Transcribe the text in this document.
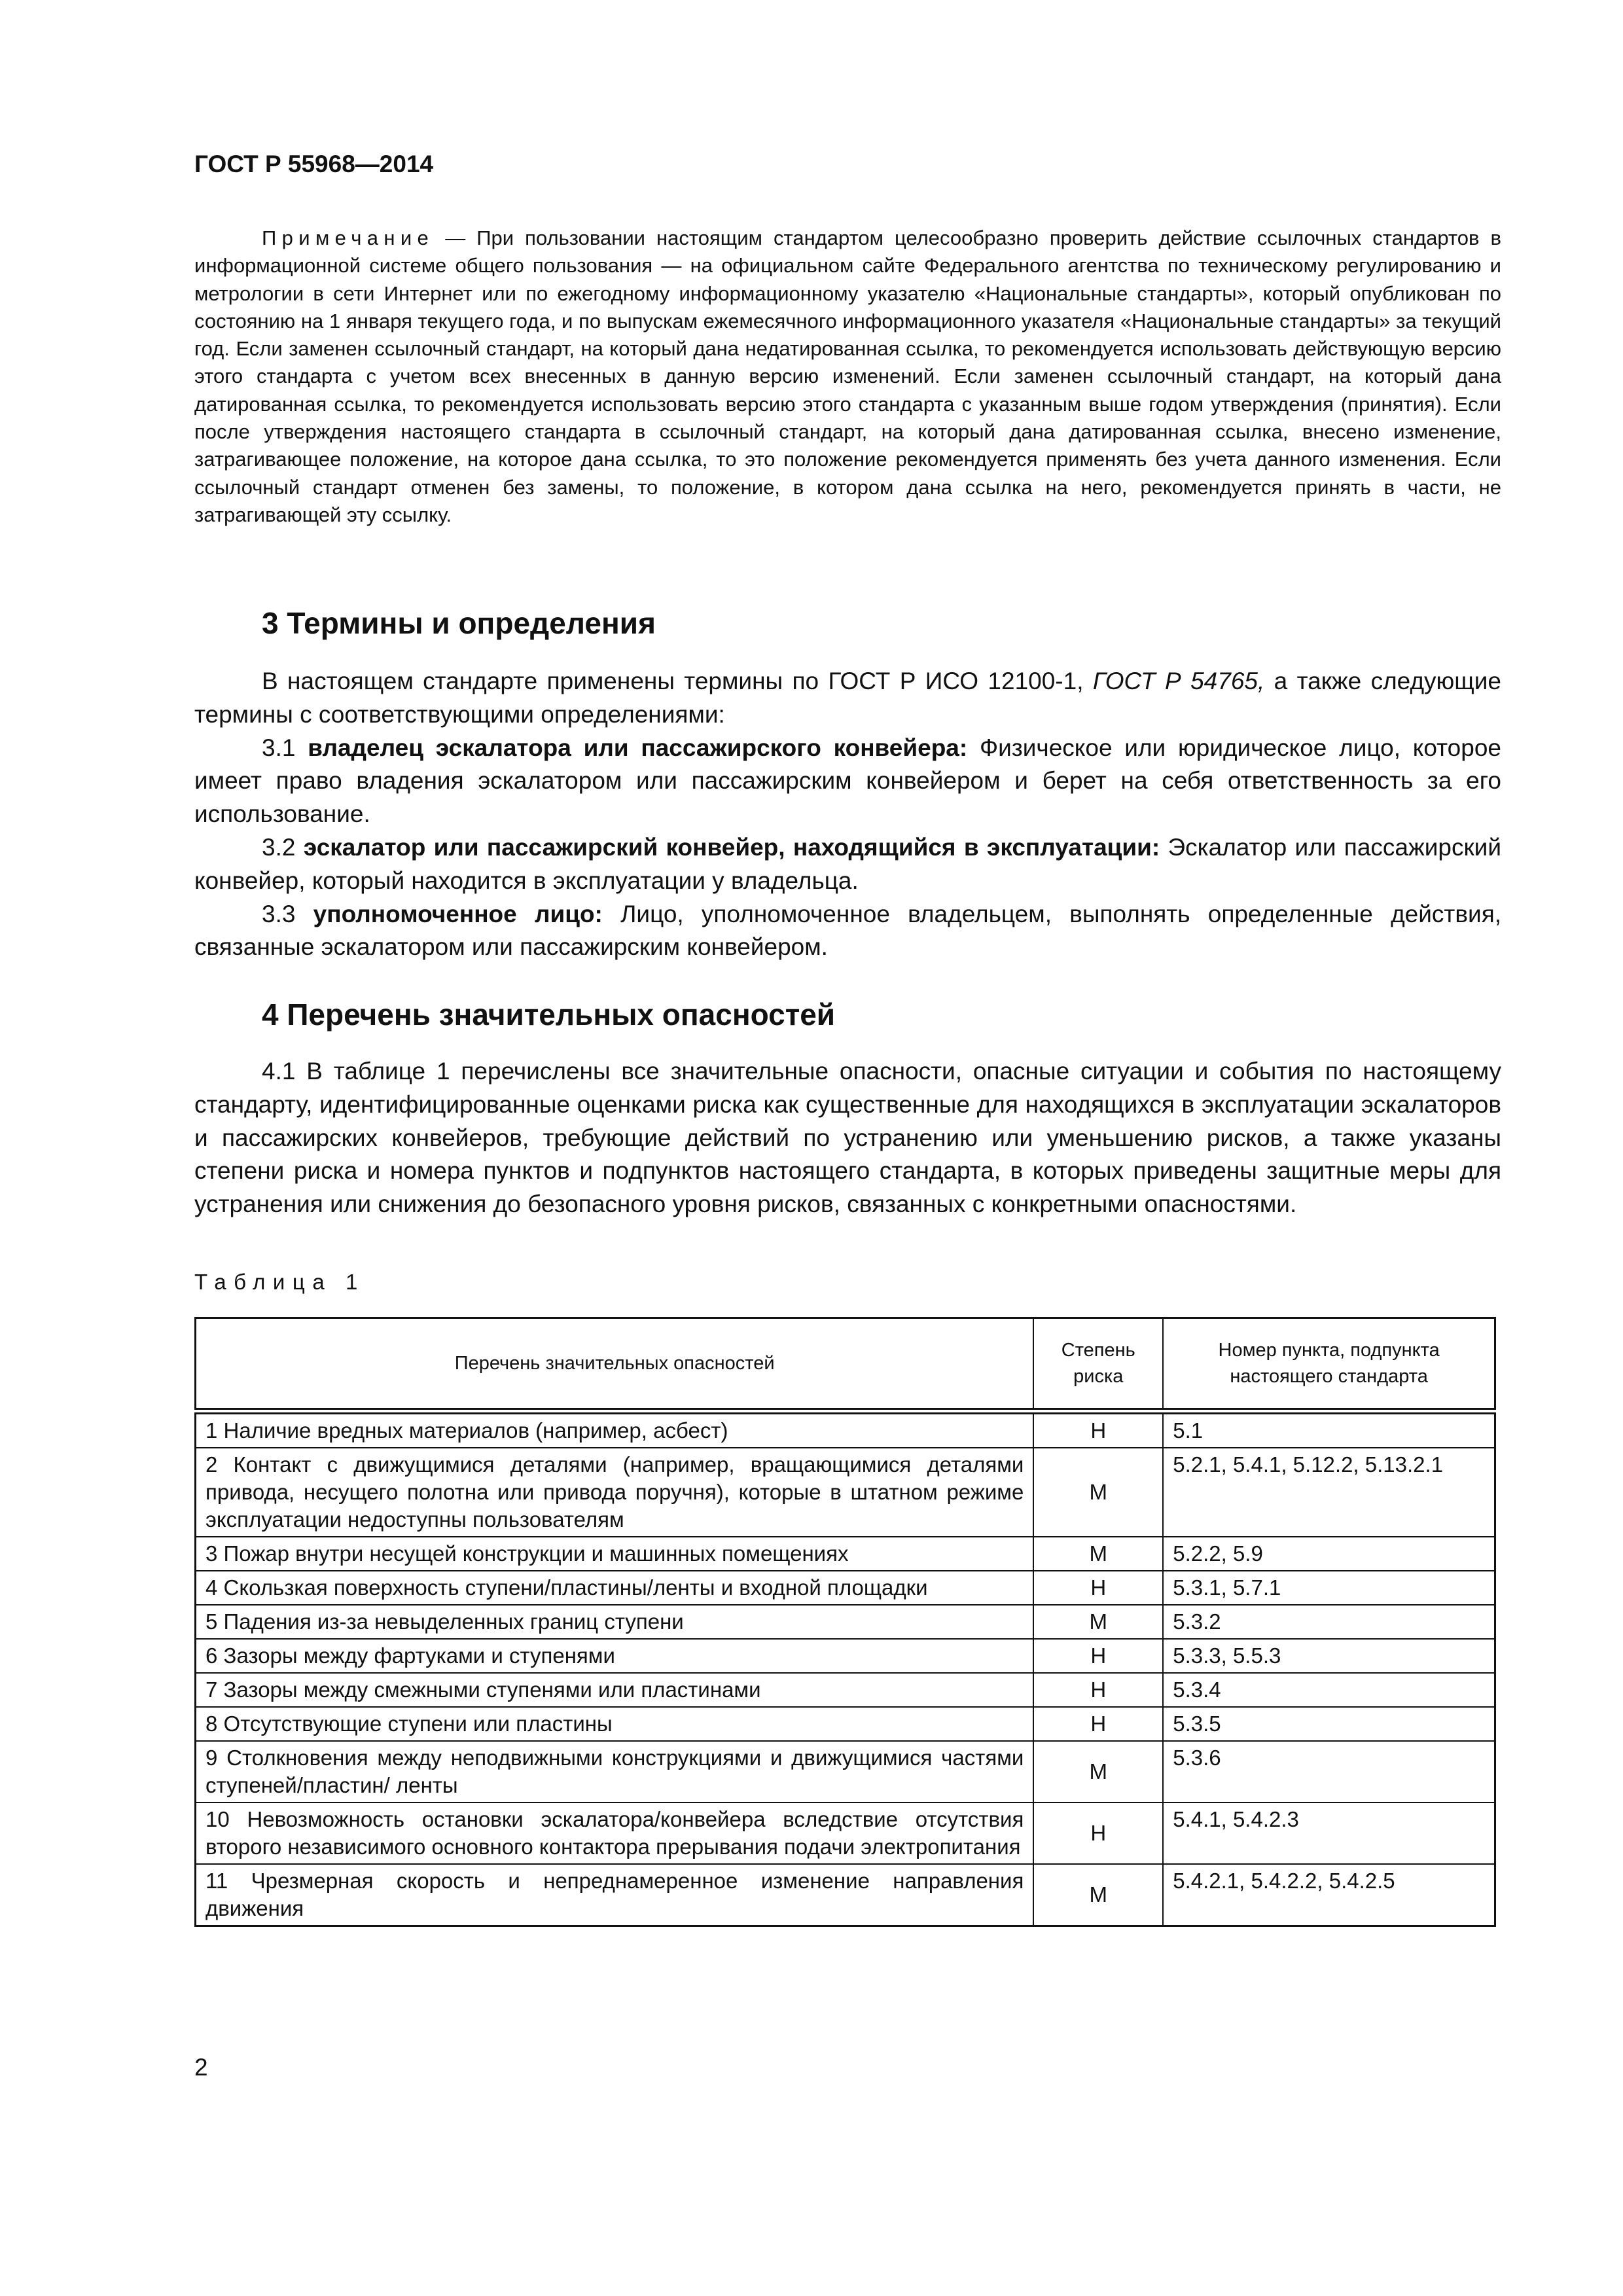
ГОСТ Р 55968—2014
Примечание — При пользовании настоящим стандартом целесообразно проверить действие ссылочных стандартов в информационной системе общего пользования — на официальном сайте Федерального агентства по техническому регулированию и метрологии в сети Интернет или по ежегодному информационному указателю «Национальные стандарты», который опубликован по состоянию на 1 января текущего года, и по выпускам ежемесячного информационного указателя «Национальные стандарты» за текущий год. Если заменен ссылочный стандарт, на который дана недатированная ссылка, то рекомендуется использовать действующую версию этого стандарта с учетом всех внесенных в данную версию изменений. Если заменен ссылочный стандарт, на который дана датированная ссылка, то рекомендуется использовать версию этого стандарта с указанным выше годом утверждения (принятия). Если после утверждения настоящего стандарта в ссылочный стандарт, на который дана датированная ссылка, внесено изменение, затрагивающее положение, на которое дана ссылка, то это положение рекомендуется применять без учета данного изменения. Если ссылочный стандарт отменен без замены, то положение, в котором дана ссылка на него, рекомендуется принять в части, не затрагивающей эту ссылку.
3 Термины и определения

В настоящем стандарте применены термины по ГОСТ Р ИСО 12100-1, ГОСТ Р 54765, а также следующие термины с соответствующими определениями:

3.1 владелец эскалатора или пассажирского конвейера: Физическое или юридическое лицо, которое имеет право владения эскалатором или пассажирским конвейером и берет на себя ответственность за его использование.

3.2 эскалатор или пассажирский конвейер, находящийся в эксплуатации: Эскалатор или пассажирский конвейер, который находится в эксплуатации у владельца.

3.3 уполномоченное лицо: Лицо, уполномоченное владельцем, выполнять определенные действия, связанные эскалатором или пассажирским конвейером.

4 Перечень значительных опасностей

4.1 В таблице 1 перечислены все значительные опасности, опасные ситуации и события по настоящему стандарту, идентифицированные оценками риска как существенные для находящихся в эксплуатации эскалаторов и пассажирских конвейеров, требующие действий по устранению или уменьшению рисков, а также указаны степени риска и номера пунктов и подпунктов настоящего стандарта, в которых приведены защитные меры для устранения или снижения до безопасного уровня рисков, связанных с конкретными опасностями.

Таблица 1
Перечень значительных опасностей	Степень риска	Номер пункта, подпункта настоящего стандарта
1 Наличие вредных материалов (например, асбест)	Н	5.1
2 Контакт с движущимися деталями (например, вращающимися деталями привода, несущего полотна или привода поручня), которые в штатном режиме эксплуатации недоступны пользователям	М	5.2.1, 5.4.1, 5.12.2, 5.13.2.1
3 Пожар внутри несущей конструкции и машинных помещениях	М	5.2.2, 5.9
4 Скользкая поверхность ступени/пластины/ленты и входной площадки	Н	5.3.1, 5.7.1
5 Падения из-за невыделенных границ ступени	М	5.3.2
6 Зазоры между фартуками и ступенями	Н	5.3.3, 5.5.3
7 Зазоры между смежными ступенями или пластинами	Н	5.3.4
8 Отсутствующие ступени или пластины	Н	5.3.5
9 Столкновения между неподвижными конструкциями и движущимися частями ступеней/пластин/ ленты	М	5.3.6
10 Невозможность остановки эскалатора/конвейера вследствие отсутствия второго независимого основного контактора прерывания подачи электропитания	Н	5.4.1, 5.4.2.3
11 Чрезмерная скорость и непреднамеренное изменение направления движения	М	5.4.2.1, 5.4.2.2, 5.4.2.5
2
